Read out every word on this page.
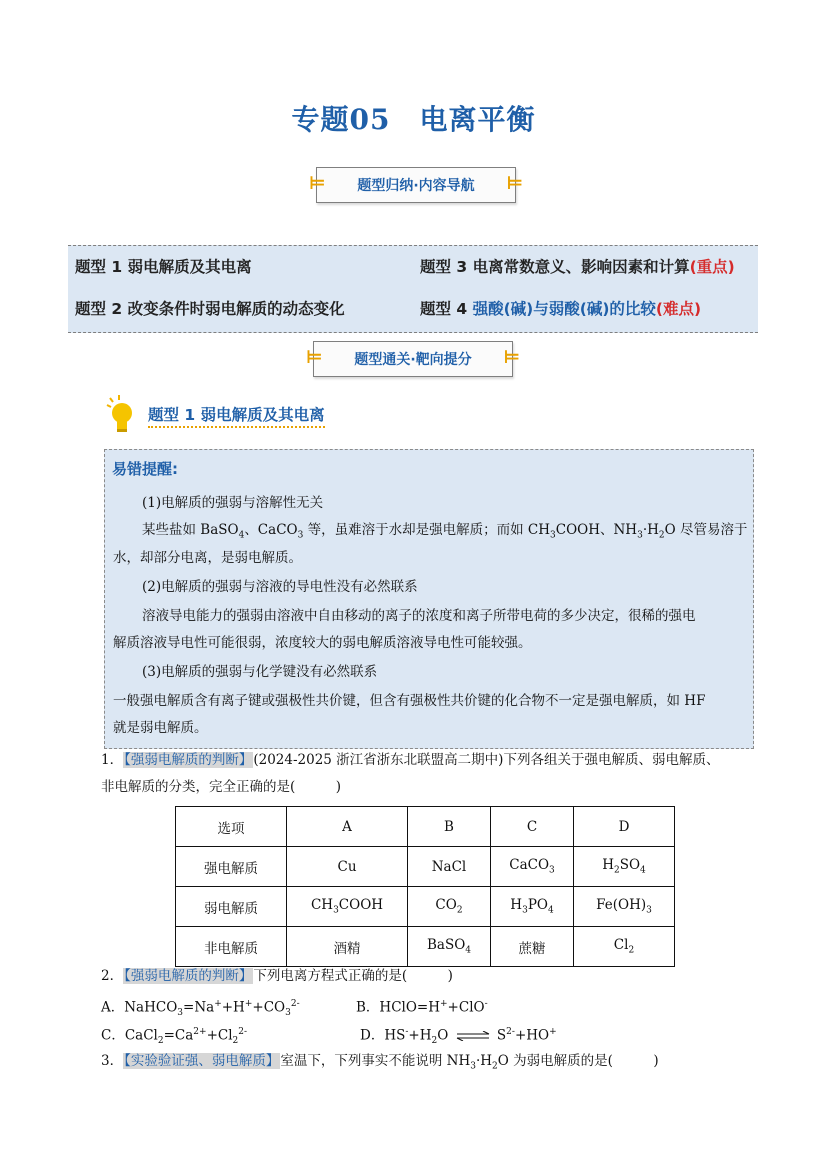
专题05　电离平衡
⊨ 题型归纳·内容导航 ⊨
题型 1 弱电解质及其电离
题型 2 改变条件时弱电解质的动态变化
题型 3 电离常数意义、影响因素和计算(重点)
题型 4 强酸(碱)与弱酸(碱)的比较(难点)
⊨ 题型通关·靶向提分 ⊨
题型 1 弱电解质及其电离
易错提醒:
(1)电解质的强弱与溶解性无关
某些盐如 BaSO$_4$、CaCO$_3$ 等，虽难溶于水却是强电解质；而如 $CH_3COOH$、$NH_3\cdot H_2O$ 尽管易溶于
水，却部分电离，是弱电解质。
(2)电解质的强弱与溶液的导电性没有必然联系
溶液导电能力的强弱由溶液中自由移动的离子的浓度和离子所带电荷的多少决定，很稀的强电
解质溶液导电性可能很弱，浓度较大的弱电解质溶液导电性可能较强。
(3)电解质的强弱与化学键没有必然联系
一般强电解质含有离子键或强极性共价键，但含有强极性共价键的化合物不一定是强电解质，如 HF
就是弱电解质。
1．【强弱电解质的判断】(2024-2025 浙江省浙东北联盟高二期中)下列各组关于强电解质、弱电解质、
非电解质的分类，完全正确的是(　　　)
选项	A	B	C	D
强电解质	Cu	NaCl	CaCO$_3$	$H_2SO_4$
弱电解质	$CH_3COOH$	$CO_2$	$H_3PO_4$	$Fe(OH)_3$
非电解质	酒精	BaSO$_4$	蔗糖	$Cl_2$
2．【强弱电解质的判断】下列电离方程式正确的是(　　　)
A．$NaHCO_3=Na^++H^++CO_3^{2-}$	B．HClO=H++ClO-
C．$CaCl_2=Ca^{2+}+Cl_2^{2-}$	D．$HS^-+H_2O$ ⇌ $S^{2-}+HO^+$
3．【实验验证强、弱电解质】室温下，下列事实不能说明 $NH_3\cdot H_2O$ 为弱电解质的是(　　　)
